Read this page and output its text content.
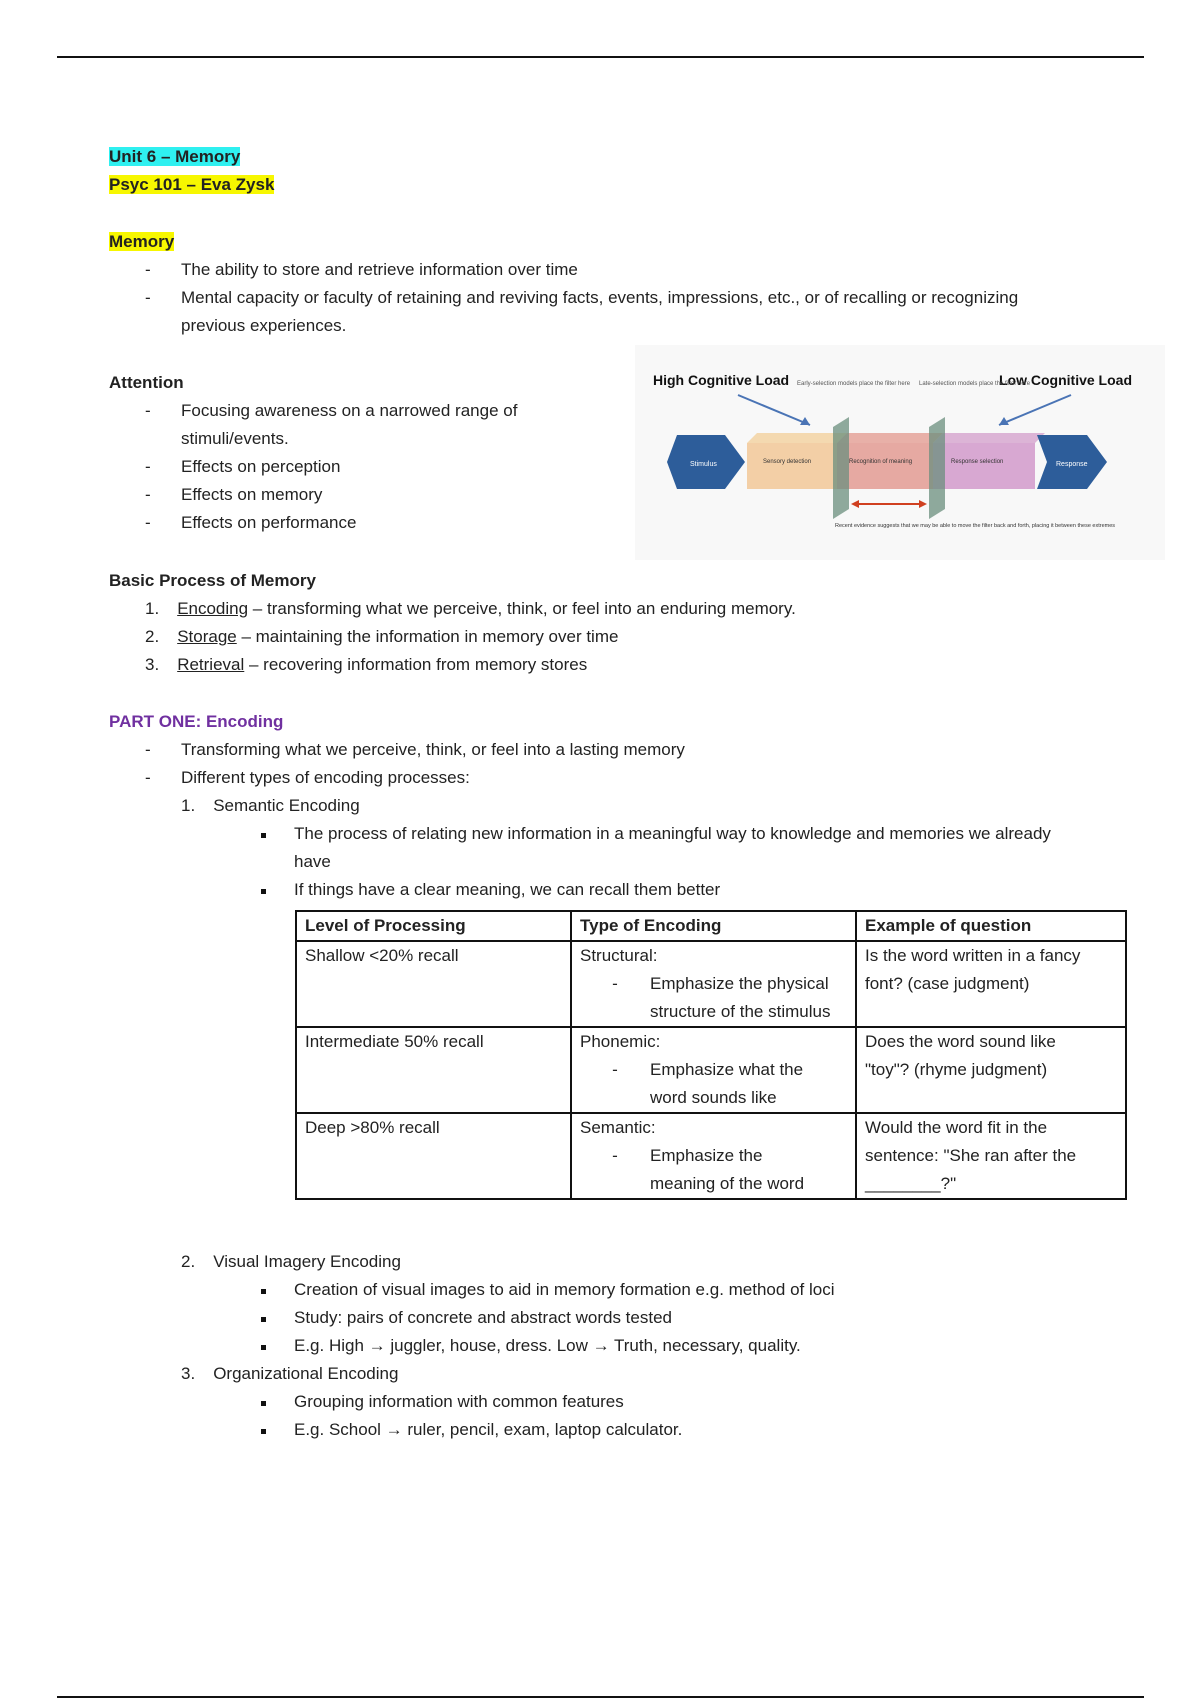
Unit 6 – Memory
Psyc 101 – Eva Zysk
Memory
- The ability to store and retrieve information over time
- Mental capacity or faculty of retaining and reviving facts, events, impressions, etc., or of recalling or recognizing
previous experiences.
Attention
- Focusing awareness on a narrowed range of
stimuli/events.
- Effects on perception
- Effects on memory
- Effects on performance
High Cognitive Load	Low Cognitive Load
Early-selection models place the filter here Late-selection models place the filter here
Stimulus	Sensory detection	Recognition of meaning	Response selection	Response
Recent evidence suggests that we may be able to move the filter back and forth, placing it between these extremes
Basic Process of Memory
1. Encoding – transforming what we perceive, think, or feel into an enduring memory.
2. Storage – maintaining the information in memory over time
3. Retrieval – recovering information from memory stores
PART ONE: Encoding
- Transforming what we perceive, think, or feel into a lasting memory
- Different types of encoding processes:
1. Semantic Encoding
The process of relating new information in a meaningful way to knowledge and memories we already
have
If things have a clear meaning, we can recall them better
Level of Processing	Type of Encoding	Example of question
Shallow <20% recall	Structural:
- Emphasize the physical structure of the stimulus	Is the word written in a fancy font? (case judgment)

Intermediate 50% recall	Phonemic:
- Emphasize what the word sounds like	Does the word sound like "toy"? (rhyme judgment)

Deep >80% recall	Semantic:
- Emphasize the meaning of the word	Would the word fit in the sentence: "She ran after the ________?"
2. Visual Imagery Encoding
Creation of visual images to aid in memory formation e.g. method of loci
Study: pairs of concrete and abstract words tested
E.g. High → juggler, house, dress. Low → Truth, necessary, quality.
3. Organizational Encoding
Grouping information with common features
E.g. School → ruler, pencil, exam, laptop calculator.
